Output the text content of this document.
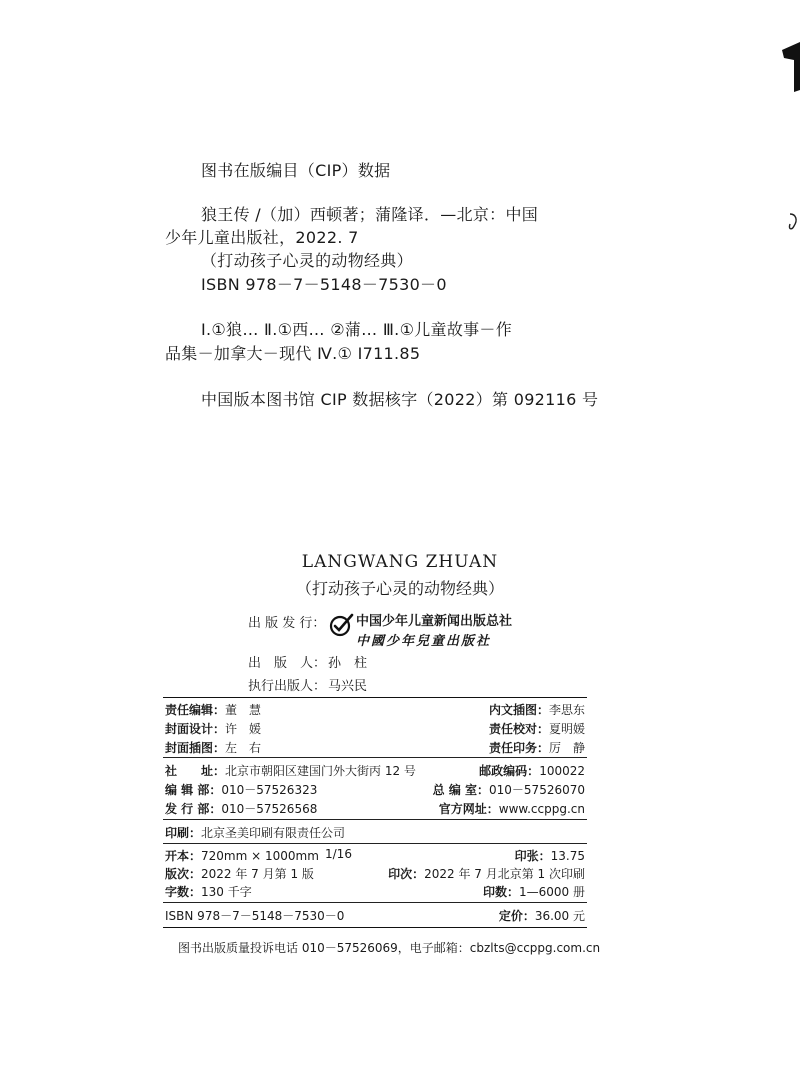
图书在版编目（CIP）数据
狼王传 /（加）西顿著；蒲隆译．—北京：中国
少年儿童出版社，2022. 7
（打动孩子心灵的动物经典）
ISBN 978－7－5148－7530－0
Ⅰ.①狼… Ⅱ.①西… ②蒲… Ⅲ.①儿童故事－作
品集－加拿大－现代 Ⅳ.① I711.85
中国版本图书馆 CIP 数据核字（2022）第 092116 号
LANGWANG ZHUAN
（打动孩子心灵的动物经典）
出 版 发 行： 中国少年儿童新闻出版总社
中國少年兒童出版社
出　版　人： 孙　柱
执行出版人： 马兴民
责任编辑：董　慧	内文插图：李思东
封面设计：许　媛	责任校对：夏明媛
封面插图：左　右	责任印务：厉　静
社　　址：北京市朝阳区建国门外大街丙 12 号	邮政编码：100022
编 辑 部：010－57526323	总 编 室：010－57526070
发 行 部：010－57526568	官方网址：www.ccppg.cn
印刷：北京圣美印刷有限责任公司
开本：720mm × 1000mm 1/16	印张：13.75
版次：2022 年 7 月第 1 版	印次：2022 年 7 月北京第 1 次印刷
字数：130 千字	印数：1—6000 册
ISBN 978－7－5148－7530－0	定价：36.00 元
图书出版质量投诉电话 010－57526069，电子邮箱：cbzlts@ccppg.com.cn
